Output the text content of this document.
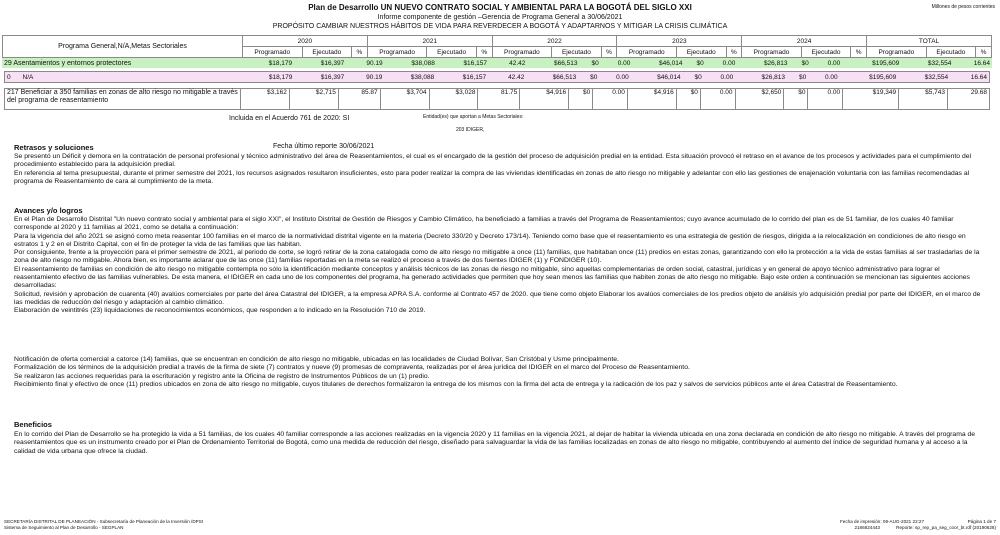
Plan de Desarrollo UN NUEVO CONTRATO SOCIAL Y AMBIENTAL PARA LA BOGOTÁ DEL SIGLO XXI
Informe componente de gestión –Gerencia de Programa General a 30/06/2021
PROPÓSITO CAMBIAR NUESTROS HÁBITOS DE VIDA PARA REVERDECER A BOGOTÁ Y ADAPTARNOS Y MITIGAR LA CRISIS CLIMÁTICA
Millones de pesos corrientes
Programa General,N/A,Metas Sectoriales	2020			2021			2022			2023			2024			TOTAL		
	Programado	Ejecutado	%	Programado	Ejecutado	%	Programado	Ejecutado	%	Programado	Ejecutado	%	Programado	Ejecutado	%	Programado	Ejecutado	%
29 Asentamientos y entornos protectores	$18,179	$16,397	90.19	$38,088	$16,157	42.42	$66,513	$0	0.00	$46,014	$0	0.00	$26,813	$0	0.00	$195,609	$32,554	16.64
0	N/A	$18,179	$16,397	90.19	$38,088	$16,157	42.42	$66,513	$0	0.00	$46,014	$0	0.00	$26,813	$0	0.00	$195,609	$32,554	16.64
217 Beneficiar a 350 familias en zonas de alto riesgo no mitigable a través del programa de reasentamiento	$3,162	$2,715	85.87	$3,704	$3,028	81.75	$4,916	$0	0.00	$4,916	$0	0.00	$2,650	$0	0.00	$19,349	$5,743	29.68
Incluida en el Acuerdo 761 de 2020: SI	Entidad(es) que aportan a Metas Sectoriales:
203 IDIGER,
Retrasos y soluciones	Fecha último reporte 30/06/2021
Se presentó un Déficit y demora en la contratación de personal profesional y técnico administrativo del área de Reasentamientos, el cual es el encargado de la gestión del proceso de adquisición predial en la entidad. Esta situación provocó el retraso en el avance de los procesos y actividades para el cumplimiento del procedimiento establecido para la adquisición predial.
En referencia al tema presupuestal, durante el primer semestre del 2021, los recursos asignados resultaron insuficientes, esto para poder realizar la compra de las viviendas identificadas en zonas de alto riesgo no mitigable y adelantar con ello las gestiones de enajenación voluntaria con las familias recomendadas al programa de Reasentamiento de cara al cumplimiento de la meta.
Avances y/o logros
En el Plan de Desarrollo Distrital "Un nuevo contrato social y ambiental para el siglo XXI", el Instituto Distrital de Gestión de Riesgos y Cambio Climático, ha beneficiado a familias a través del Programa de Reasentamientos; cuyo avance acumulado de lo corrido del plan es de 51 familiar, de los cuales 40 familiar corresponde al 2020 y 11 familias al 2021, como se detalla a continuación:
Para la vigencia del año 2021 se asignó como meta reasentar 100 familias en el marco de la normatividad distrital vigente en la materia (Decreto 330/20 y Decreto 173/14). Teniendo como base que el reasentamiento es una estrategia de gestión de riesgos, dirigida a la relocalización en condiciones de alto riesgo en estratos 1 y 2 en el Distrito Capital, con el fin de proteger la vida de las familias que las habitan.
Por consiguiente, frente a la proyección para el primer semestre de 2021, al periodo de corte, se logró retirar de la zona catalogada como de alto riesgo no mitigable a once (11) familias, que habitaban once (11) predios en estas zonas, garantizando con ello la protección a la vida de estas familias al ser trasladarlas de la zona de alto riesgo no mitigable. Ahora bien, es importante aclarar que de las once (11) familias reportadas en la meta se realizó el proceso a través de dos fuentes IDIGER (1) y FONDIGER (10).
El reasentamiento de familias en condición de alto riesgo no mitigable contempla no sólo la identificación mediante conceptos y análisis técnicos de las zonas de riesgo no mitigable, sino aquellas complementarias de orden social, catastral, jurídicas y en general de apoyo técnico administrativo para lograr el reasentamiento efectivo de las familias vulnerables. De esta manera, el IDIGER en cada uno de los componentes del programa, ha generado actividades que permiten que hoy sean menos las familias que habiten zonas de alto riesgo no mitigable. Bajo este orden a continuación se mencionan las siguientes acciones desarrolladas:
Solicitud, revisión y aprobación de cuarenta (40) avalúos comerciales por parte del área Catastral del IDIGER, a la empresa APRA S.A. conforme al Contrato 457 de 2020. que tiene como objeto Elaborar los avalúos comerciales de los predios objeto de análisis y/o adquisición predial por parte del IDIGER, en el marco de las medidas de reducción del riesgo y adaptación al cambio climático.
Elaboración de veintitrés (23) liquidaciones de reconocimientos económicos, que responden a lo indicado en la Resolución 710 de 2019.
Notificación de oferta comercial a catorce (14) familias, que se encuentran en condición de alto riesgo no mitigable, ubicadas en las localidades de Ciudad Bolívar, San Cristóbal y Usme principalmente.
Formalización de los términos de la adquisición predial a través de la firma de siete (7) contratos y nueve (9) promesas de compraventa, realizadas por el área jurídica del IDIGER en el marco del Proceso de Reasentamiento.
Se realizaron las acciones requeridas para la escrituración y registro ante la Oficina de registro de Instrumentos Públicos de un (1) predio.
Recibimiento final y efectivo de once (11) predios ubicados en zona de alto riesgo no mitigable, cuyos titulares de derechos formalizaron la entrega de los mismos con la firma del acta de entrega y la radicación de los paz y salvos de servicios públicos ante el área Catastral de Reasentamiento.
Beneficios
En lo corrido del Plan de Desarrollo se ha protegido la vida a 51 familias, de los cuales 40 familiar corresponde a las acciones realizadas en la vigencia 2020 y 11 familias en la vigencia 2021, al dejar de habitar la vivienda ubicada en una zona declarada en condición de alto riesgo no mitigable. A través del programa de reasentamientos que es un instrumento creado por el Plan de Ordenamiento Territorial de Bogotá, como una medida de reducción del riesgo, diseñado para salvaguardar la vida de las familias localizadas en zonas de alto riesgo no mitigable, contribuyendo al aumento del índice de seguridad humana y al acceso a la calidad de vida urbana que ofrece la ciudad.
SECRETARÍA DISTRITAL DE PLANEACIÓN - Subsecretaría de Planeación de la Inversión /DPSI
Sistema de Seguimiento al Plan de Desarrollo - SEGPLAN
Fecha de impresión: 09-AUG-2021 22:27	Página 1 de 7
2186824443	Reporte: sp_rep_pa_seg_coor_bt.rdf (20190628)
